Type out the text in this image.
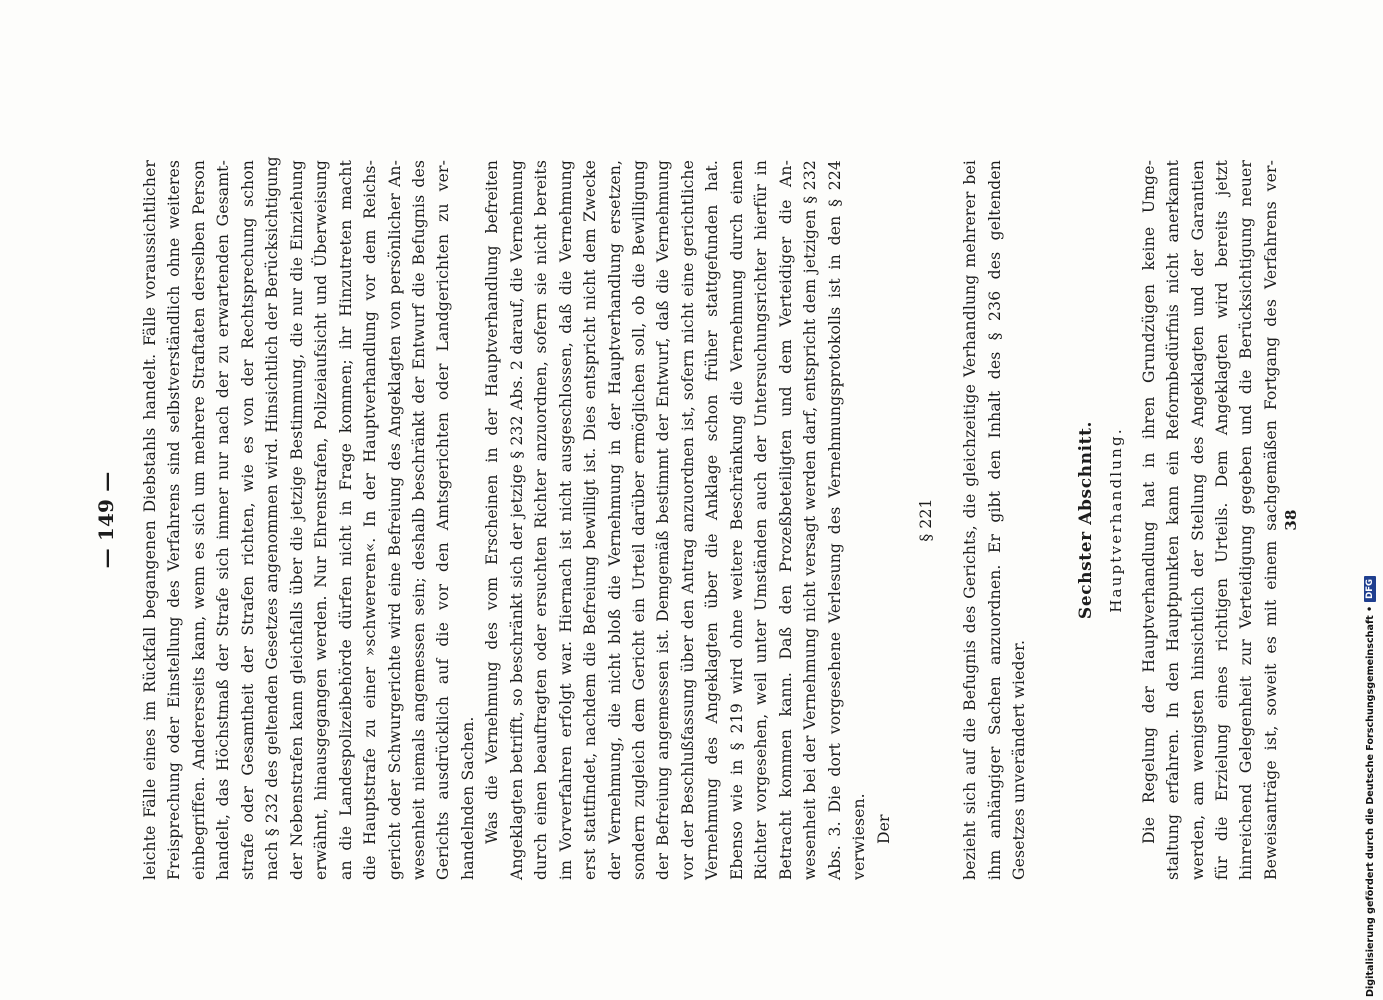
— 149 — leichte Fälle eines im Rückfall begangenen Diebstahls handelt. Fälle voraussichtlicher Freisprechung oder Einstellung des Verfahrens sind selbstverständlich ohne weiteres einbegriffen. Andererseits kann, wenn es sich um mehrere Straftaten derselben Person handelt, das Höchstmaß der Strafe sich immer nur nach der zu erwartenden Gesamt- strafe oder Gesamtheit der Strafen richten, wie es von der Rechtsprechung schon nach § 232 des geltenden Gesetzes angenommen wird. Hinsichtlich der Berücksichtigung der Nebenstrafen kann gleichfalls über die jetzige Bestimmung, die nur die Einziehung erwähnt, hinausgegangen werden. Nur Ehrenstrafen, Polizeiaufsicht und Überweisung an die Landespolizeibehörde dürfen nicht in Frage kommen; ihr Hinzutreten macht die Hauptstrafe zu einer »schwereren«. In der Hauptverhandlung vor dem Reichs- gericht oder Schwurgerichte wird eine Befreiung des Angeklagten von persönlicher An- wesenheit niemals angemessen sein; deshalb beschränkt der Entwurf die Befugnis des Gerichts ausdrücklich auf die vor den Amtsgerichten oder Landgerichten zu ver- handelnden Sachen. Was die Vernehmung des vom Erscheinen in der Hauptverhandlung befreiten Angeklagten betrifft, so beschränkt sich der jetzige § 232 Abs. 2 darauf, die Vernehmung durch einen beauftragten oder ersuchten Richter anzuordnen, sofern sie nicht bereits im Vorverfahren erfolgt war. Hiernach ist nicht ausgeschlossen, daß die Vernehmung erst stattfindet, nachdem die Befreiung bewilligt ist. Dies entspricht nicht dem Zwecke der Vernehmung, die nicht bloß die Vernehmung in der Hauptverhandlung ersetzen, sondern zugleich dem Gericht ein Urteil darüber ermöglichen soll, ob die Bewilligung der Befreiung angemessen ist. Demgemäß bestimmt der Entwurf, daß die Vernehmung vor der Beschlußfassung über den Antrag anzuordnen ist, sofern nicht eine gerichtliche Vernehmung des Angeklagten über die Anklage schon früher stattgefunden hat. Ebenso wie in § 219 wird ohne weitere Beschränkung die Vernehmung durch einen Richter vorgesehen, weil unter Umständen auch der Untersuchungsrichter hierfür in Betracht kommen kann. Daß den Prozeßbeteiligten und dem Verteidiger die An- wesenheit bei der Vernehmung nicht versagt werden darf, entspricht dem jetzigen § 232 Abs. 3. Die dort vorgesehene Verlesung des Vernehmungsprotokolls ist in den § 224 verwiesen. Der
§ 221 bezieht sich auf die Befugnis des Gerichts, die gleichzeitige Verhandlung mehrerer bei ihm anhängiger Sachen anzuordnen. Er gibt den Inhalt des § 236 des geltenden Gesetzes unverändert wieder.
Sechster Abschnitt. Hauptverhandlung. Die Regelung der Hauptverhandlung hat in ihren Grundzügen keine Umge- staltung erfahren. In den Hauptpunkten kann ein Reformbedürfnis nicht anerkannt werden, am wenigsten hinsichtlich der Stellung des Angeklagten und der Garantien für die Erzielung eines richtigen Urteils. Dem Angeklagten wird bereits jetzt hinreichend Gelegenheit zur Verteidigung gegeben und die Berücksichtigung neuer Beweisanträge ist, soweit es mit einem sachgemäßen Fortgang des Verfahrens ver- 38
Digitalisierung gefördert durch die Deutsche Forschungsgemeinschaft •
DFG
